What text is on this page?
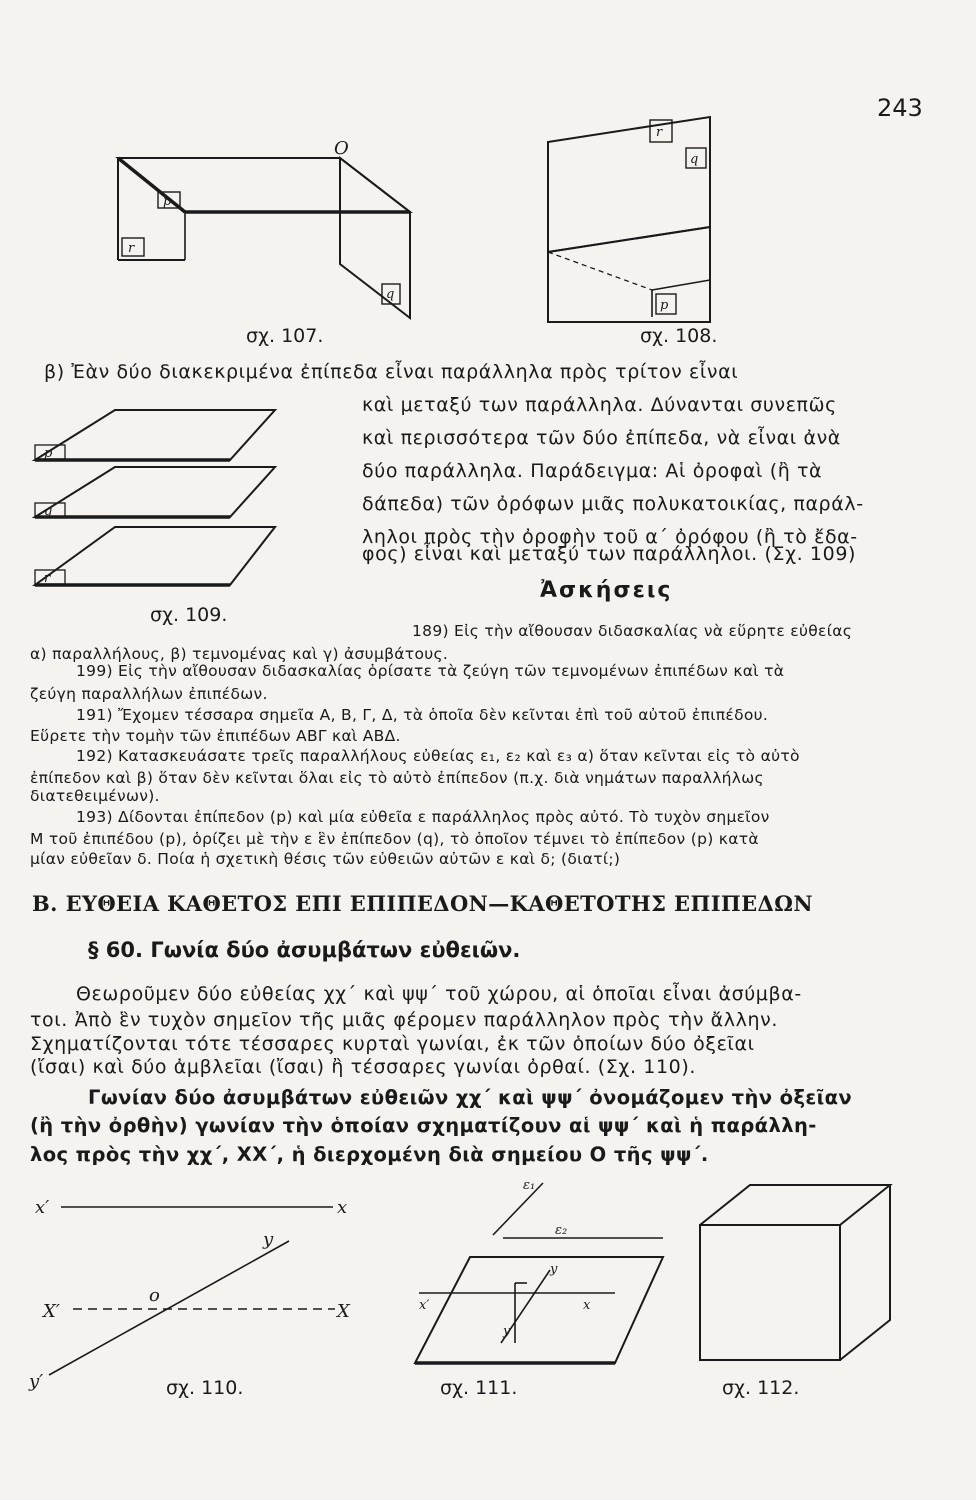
243
p
r
q
O
σχ. 107.
r
q
p
σχ. 108.
β) Ἐὰν δύο διακεκριμένα ἐπίπεδα εἶναι παράλληλα πρὸς τρίτον εἶναι
καὶ μεταξύ των παράλληλα. Δύνανται συνεπῶς
καὶ περισσότερα τῶν δύο ἐπίπεδα, νὰ εἶναι ἀνὰ
δύο παράλληλα. Παράδειγμα: Αἱ ὀροφαὶ (ἢ τὰ
δάπεδα) τῶν ὀρόφων μιᾶς πολυκατοικίας, παράλ-
ληλοι πρὸς τὴν ὀροφὴν τοῦ α΄ ὀρόφου (ἢ τὸ ἔδα-
φος) εἶναι καὶ μεταξύ των παράλληλοι. (Σχ. 109)
p
q
r
σχ. 109.
Ἀσκήσεις
189) Εἰς τὴν αἴθουσαν διδασκαλίας νὰ εὕρητε εὐθείας
α) παραλλήλους, β) τεμνομένας καὶ γ) ἀσυμβάτους.
199) Εἰς τὴν αἴθουσαν διδασκαλίας ὁρίσατε τὰ ζεύγη τῶν τεμνομένων ἐπιπέδων καὶ τὰ
ζεύγη παραλλήλων ἐπιπέδων.
191) Ἔχομεν τέσσαρα σημεῖα Α, Β, Γ, Δ, τὰ ὁποῖα δὲν κεῖνται ἐπὶ τοῦ αὐτοῦ ἐπιπέδου.
Εὕρετε τὴν τομὴν τῶν ἐπιπέδων ΑΒΓ καὶ ΑΒΔ.
192) Κατασκευάσατε τρεῖς παραλλήλους εὐθείας ε₁, ε₂ καὶ ε₃ α) ὅταν κεῖνται εἰς τὸ αὐτὸ
ἐπίπεδον καὶ β) ὅταν δὲν κεῖνται ὅλαι εἰς τὸ αὐτὸ ἐπίπεδον (π.χ. διὰ νημάτων παραλλήλως
διατεθειμένων).
193) Δίδονται ἐπίπεδον (p) καὶ μία εὐθεῖα ε παράλληλος πρὸς αὐτό. Τὸ τυχὸν σημεῖον
Μ τοῦ ἐπιπέδου (p), ὁρίζει μὲ τὴν ε ἓν ἐπίπεδον (q), τὸ ὁποῖον τέμνει τὸ ἐπίπεδον (p) κατὰ
μίαν εὐθεῖαν δ. Ποία ἡ σχετικὴ θέσις τῶν εὐθειῶν αὐτῶν ε καὶ δ; (διατί;)
Β. ΕΥΘΕΙΑ ΚΑΘΕΤΟΣ ΕΠΙ ΕΠΙΠΕΔΟΝ—ΚΑΘΕΤΟΤΗΣ ΕΠΙΠΕΔΩΝ
§ 60. Γωνία δύο ἀσυμβάτων εὐθειῶν.
Θεωροῦμεν δύο εὐθείας χχ΄ καὶ ψψ΄ τοῦ χώρου, αἱ ὁποῖαι εἶναι ἀσύμβα-
τοι. Ἀπὸ ἓν τυχὸν σημεῖον τῆς μιᾶς φέρομεν παράλληλον πρὸς τὴν ἄλλην.
Σχηματίζονται τότε τέσσαρες κυρταὶ γωνίαι, ἐκ τῶν ὁποίων δύο ὀξεῖαι
(ἴσαι) καὶ δύο ἀμβλεῖαι (ἴσαι) ἢ τέσσαρες γωνίαι ὀρθαί. (Σχ. 110).
Γωνίαν δύο ἀσυμβάτων εὐθειῶν χχ΄ καὶ ψψ΄ ὀνομάζομεν τὴν ὀξεῖαν
(ἢ τὴν ὀρθὴν) γωνίαν τὴν ὁποίαν σχηματίζουν αἱ ψψ΄ καὶ ἡ παράλλη-
λος πρὸς τὴν χχ΄, ΧΧ΄, ἡ διερχομένη διὰ σημείου Ο τῆς ψψ΄.
x′	x
y
o
X′	X
y′	σχ. 110.
ε₁
ε₂
y
x′	x
y′
σχ. 111.	σχ. 112.
